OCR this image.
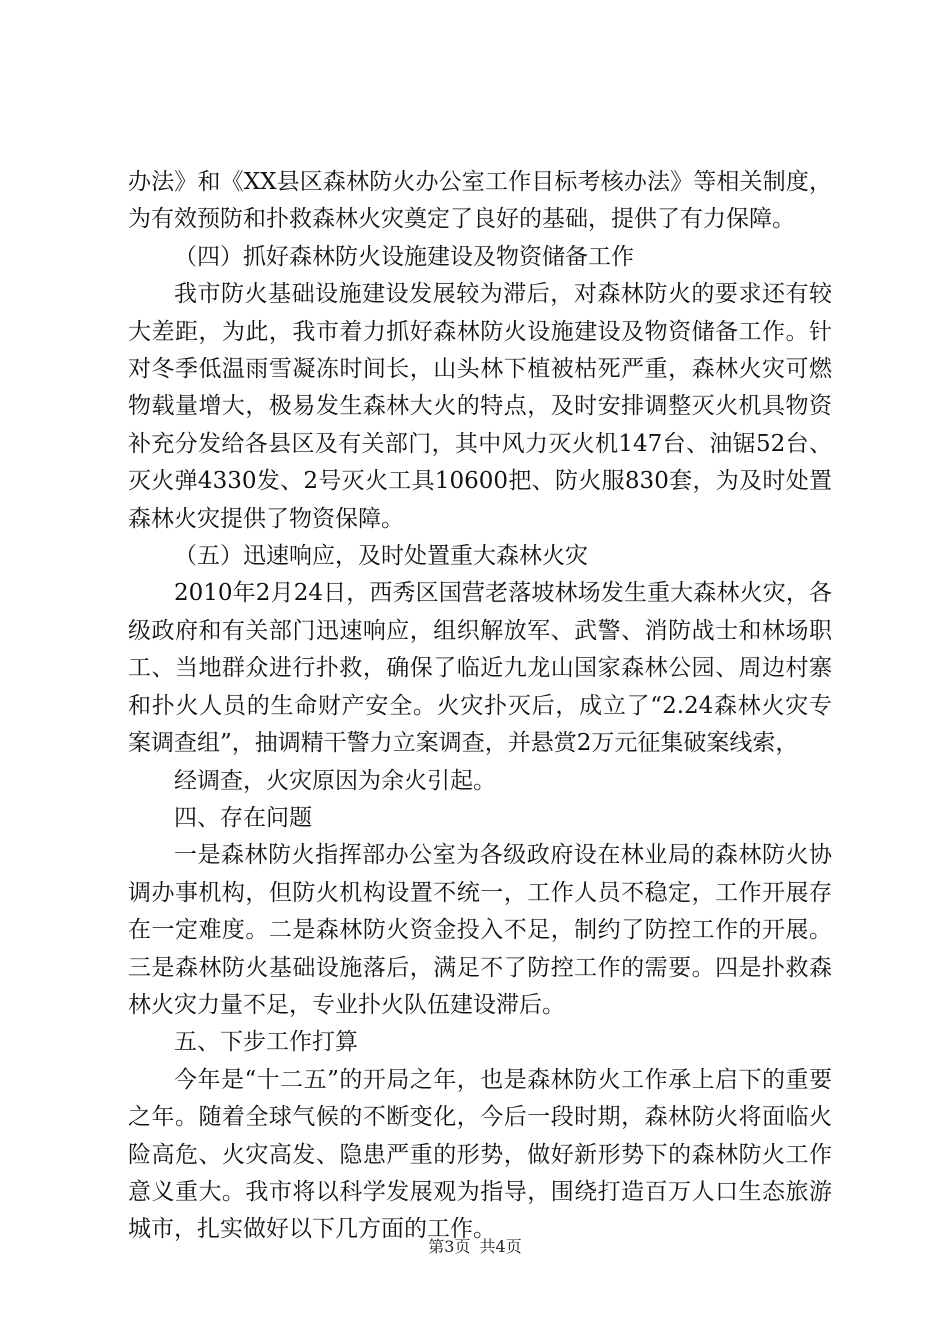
办法》和《XX县区森林防火办公室工作目标考核办法》等相关制度，为有效预防和扑救森林火灾奠定了良好的基础，提供了有力保障。

（四）抓好森林防火设施建设及物资储备工作

我市防火基础设施建设发展较为滞后，对森林防火的要求还有较大差距，为此，我市着力抓好森林防火设施建设及物资储备工作。针对冬季低温雨雪凝冻时间长，山头林下植被枯死严重，森林火灾可燃物载量增大，极易发生森林大火的特点，及时安排调整灭火机具物资补充分发给各县区及有关部门，其中风力灭火机147台、油锯52台、灭火弹4330发、2号灭火工具10600把、防火服830套，为及时处置森林火灾提供了物资保障。

（五）迅速响应，及时处置重大森林火灾

2010年2月24日，西秀区国营老落坡林场发生重大森林火灾，各级政府和有关部门迅速响应，组织解放军、武警、消防战士和林场职工、当地群众进行扑救，确保了临近九龙山国家森林公园、周边村寨和扑火人员的生命财产安全。火灾扑灭后，成立了“2.24森林火灾专案调查组”，抽调精干警力立案调查，并悬赏2万元征集破案线索，

经调查，火灾原因为余火引起。

四、存在问题

一是森林防火指挥部办公室为各级政府设在林业局的森林防火协调办事机构，但防火机构设置不统一，工作人员不稳定，工作开展存在一定难度。二是森林防火资金投入不足，制约了防控工作的开展。三是森林防火基础设施落后，满足不了防控工作的需要。四是扑救森林火灾力量不足，专业扑火队伍建设滞后。

五、下步工作打算

今年是“十二五”的开局之年，也是森林防火工作承上启下的重要之年。随着全球气候的不断变化，今后一段时期，森林防火将面临火险高危、火灾高发、隐患严重的形势，做好新形势下的森林防火工作意义重大。我市将以科学发展观为指导，围绕打造百万人口生态旅游城市，扎实做好以下几方面的工作。

第3页 共4页
